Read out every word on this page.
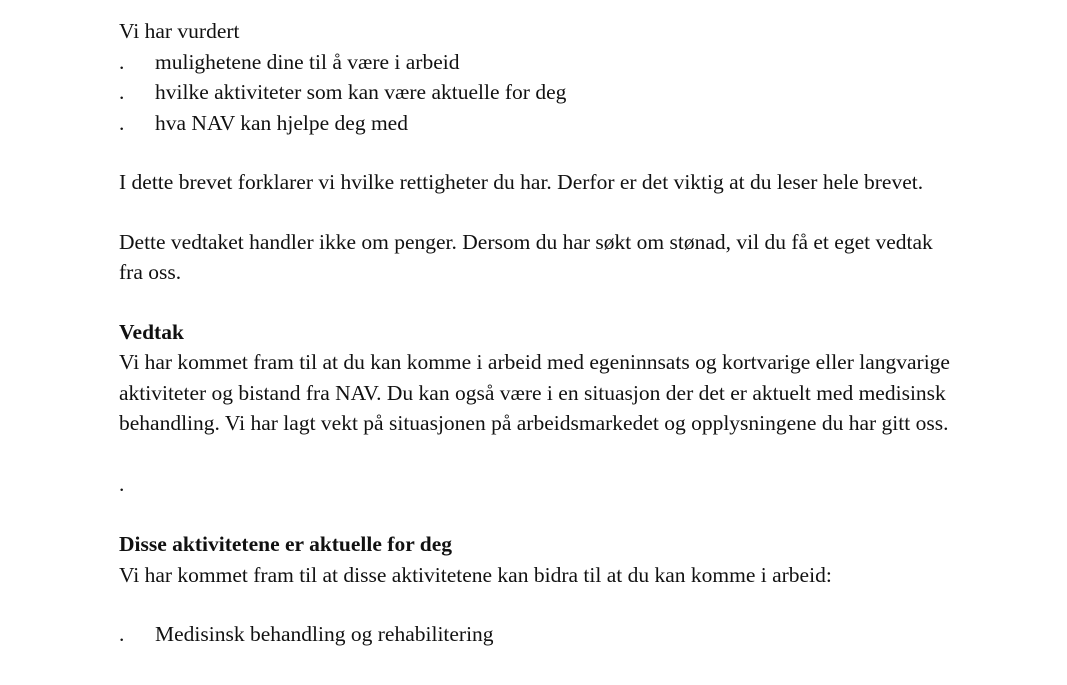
Vi har vurdert
. mulighetene dine til å være i arbeid
. hvilke aktiviteter som kan være aktuelle for deg
. hva NAV kan hjelpe deg med
I dette brevet forklarer vi hvilke rettigheter du har. Derfor er det viktig at du leser hele brevet.
Dette vedtaket handler ikke om penger. Dersom du har søkt om stønad, vil du få et eget vedtak
fra oss.
Vedtak
Vi har kommet fram til at du kan komme i arbeid med egeninnsats og kortvarige eller langvarige
aktiviteter og bistand fra NAV. Du kan også være i en situasjon der det er aktuelt med medisinsk
behandling. Vi har lagt vekt på situasjonen på arbeidsmarkedet og opplysningene du har gitt oss.
.
Disse aktivitetene er aktuelle for deg
Vi har kommet fram til at disse aktivitetene kan bidra til at du kan komme i arbeid:
. Medisinsk behandling og rehabilitering
